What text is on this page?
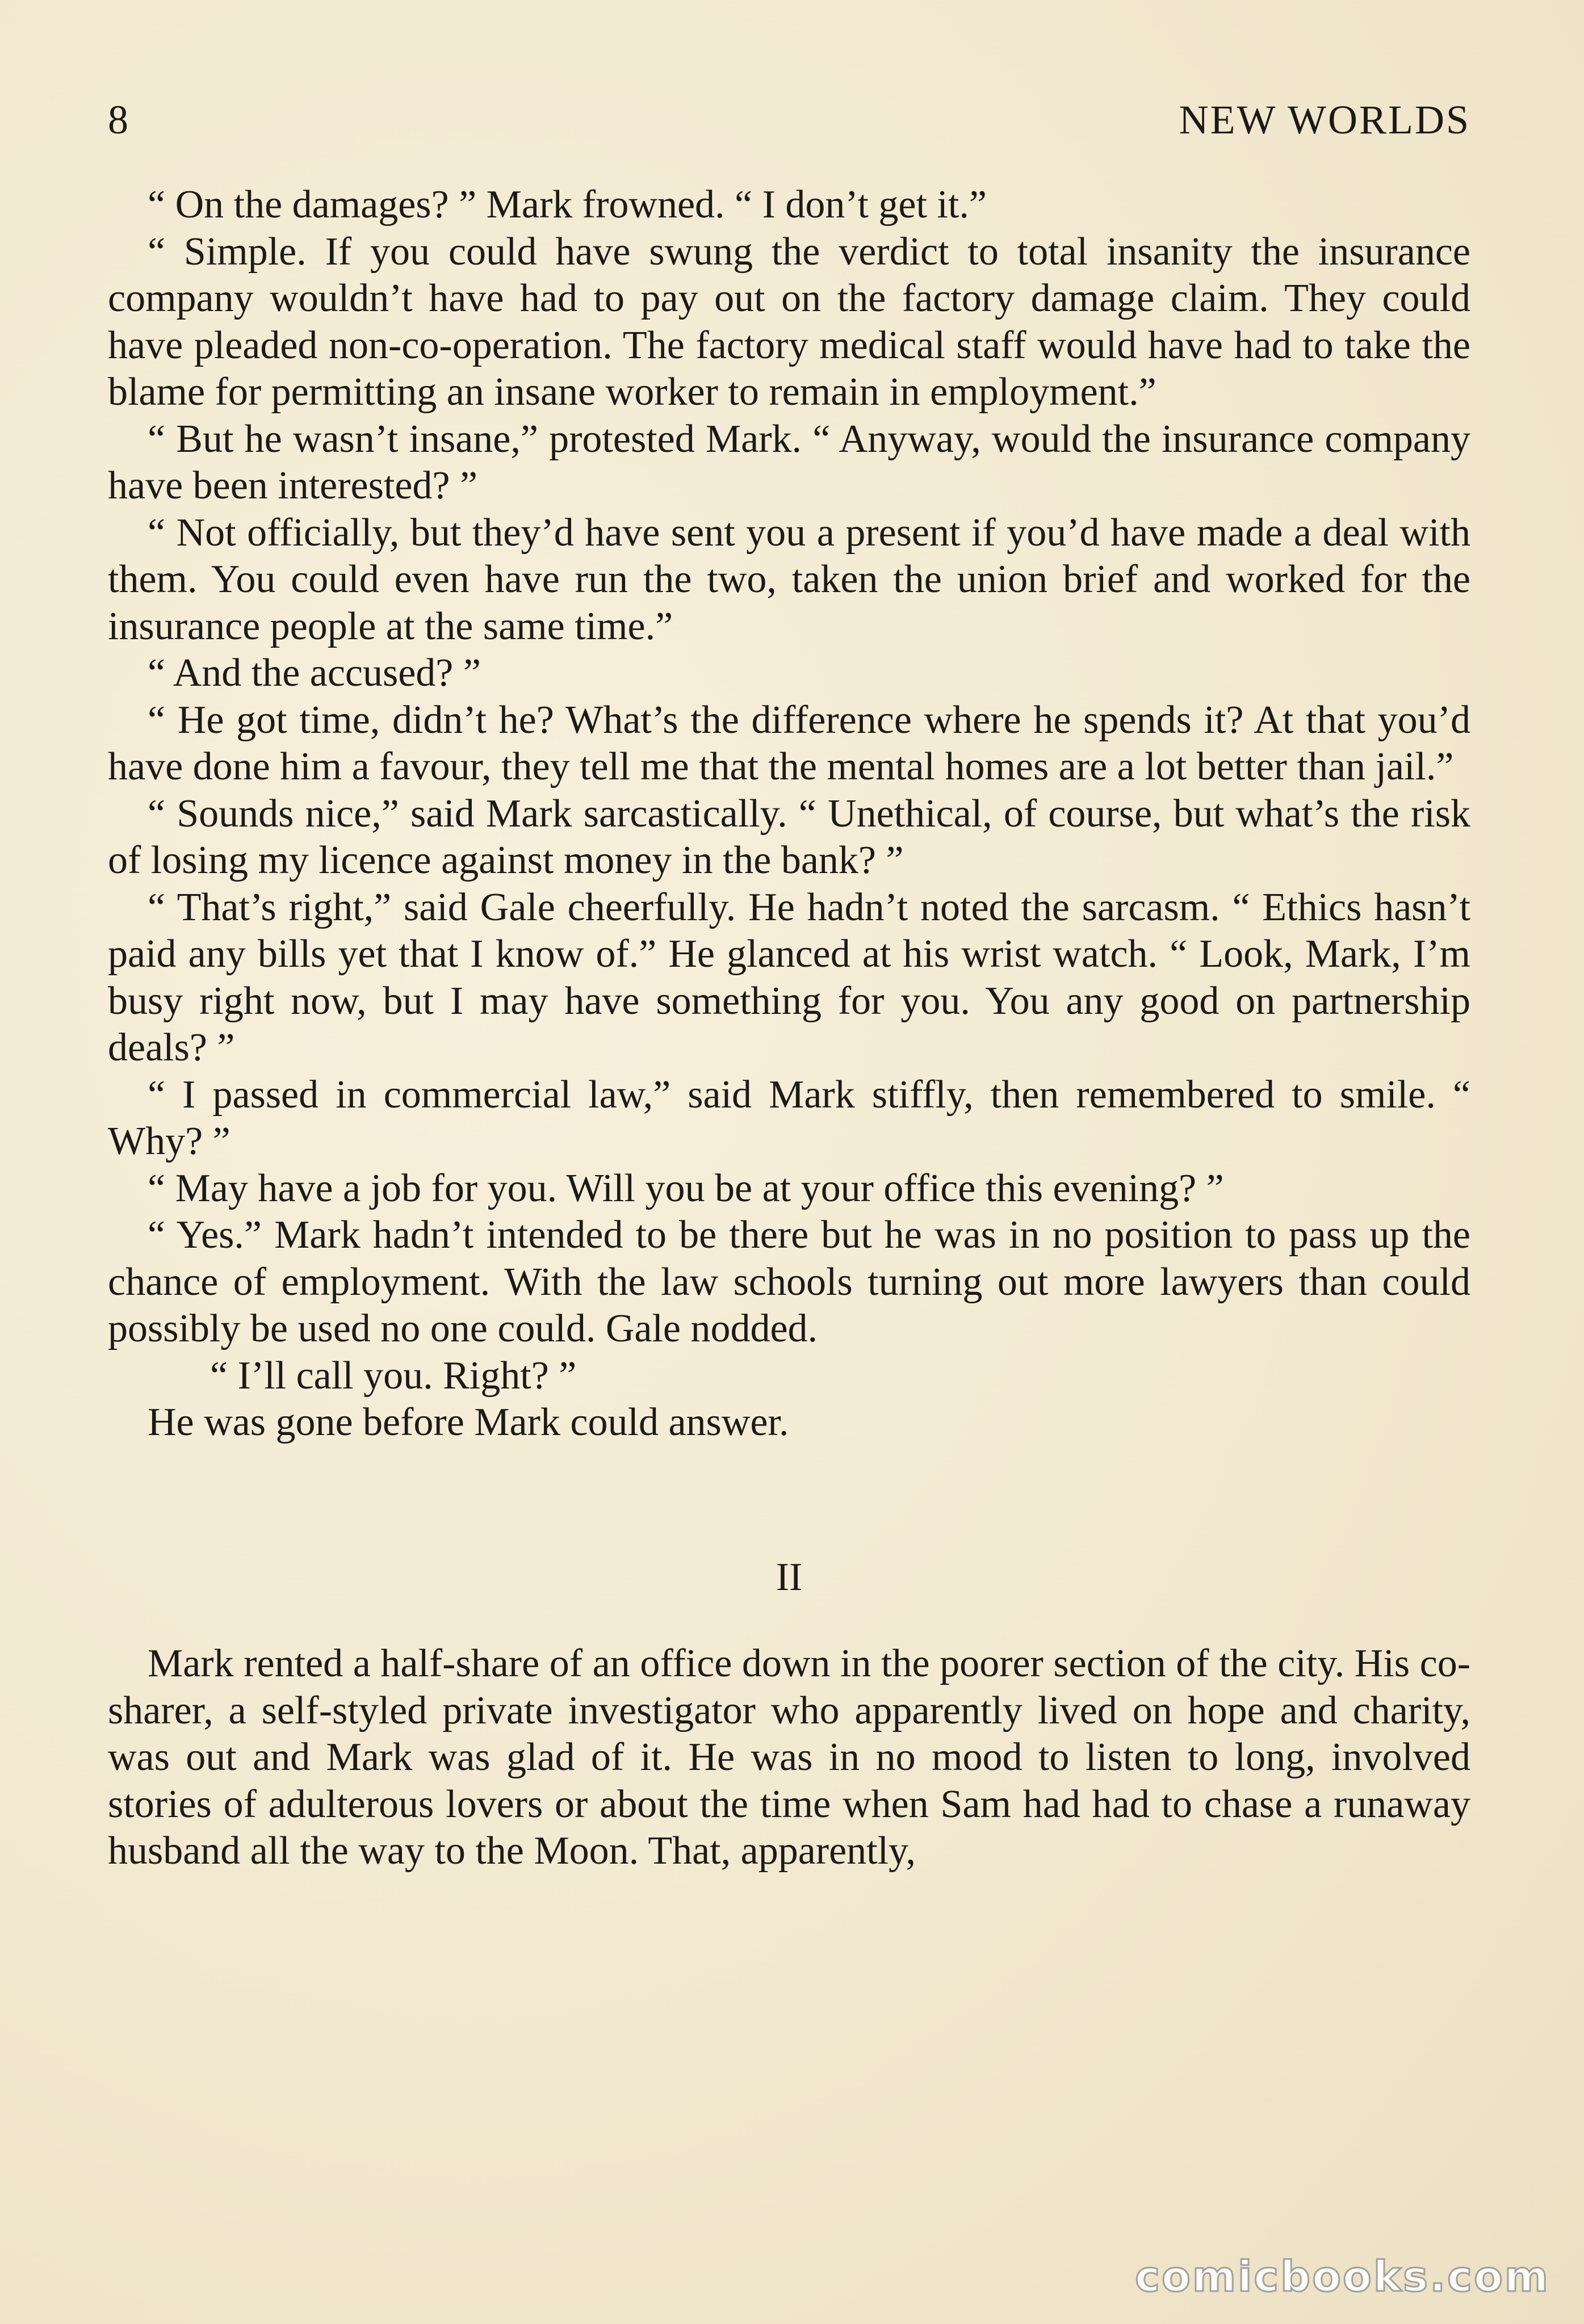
8	NEW WORLDS

“ On the damages? ” Mark frowned. “ I don’t get it.”

“ Simple. If you could have swung the verdict to total insanity the insurance company wouldn’t have had to pay out on the factory damage claim. They could have pleaded non-co-operation. The factory medical staff would have had to take the blame for permitting an insane worker to remain in employment.”

“ But he wasn’t insane,” protested Mark. “ Anyway, would the insurance company have been interested? ”

“ Not officially, but they’d have sent you a present if you’d have made a deal with them. You could even have run the two, taken the union brief and worked for the insurance people at the same time.”

“ And the accused? ”

“ He got time, didn’t he? What’s the difference where he spends it? At that you’d have done him a favour, they tell me that the mental homes are a lot better than jail.”

“ Sounds nice,” said Mark sarcastically. “ Unethical, of course, but what’s the risk of losing my licence against money in the bank? ”

“ That’s right,” said Gale cheerfully. He hadn’t noted the sarcasm. “ Ethics hasn’t paid any bills yet that I know of.” He glanced at his wrist watch. “ Look, Mark, I’m busy right now, but I may have something for you. You any good on partnership deals? ”

“ I passed in commercial law,” said Mark stiffly, then remembered to smile. “ Why? ”

“ May have a job for you. Will you be at your office this evening? ”

“ Yes.” Mark hadn’t intended to be there but he was in no position to pass up the chance of employment. With the law schools turning out more lawyers than could possibly be used no one could. Gale nodded.

“ I’ll call you. Right? ”

He was gone before Mark could answer.

II

Mark rented a half-share of an office down in the poorer section of the city. His co-sharer, a self-styled private investigator who apparently lived on hope and charity, was out and Mark was glad of it. He was in no mood to listen to long, involved stories of adulterous lovers or about the time when Sam had had to chase a runaway husband all the way to the Moon. That, apparently,

comicbooks.com
